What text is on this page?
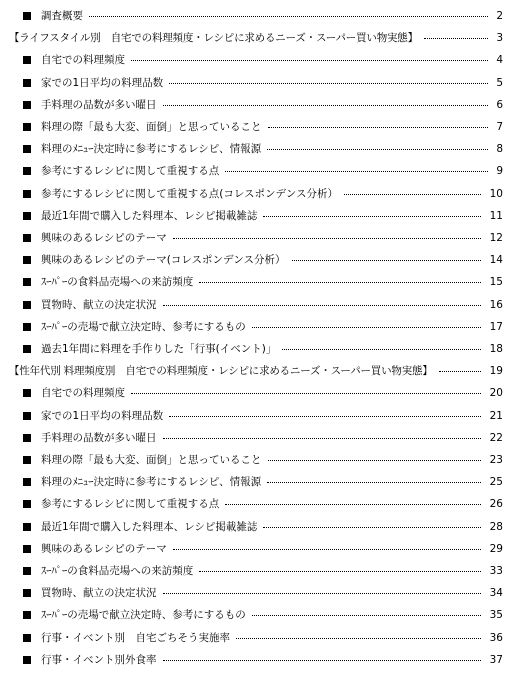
調査概要	2
【ライフスタイル別　自宅での料理頻度・レシピに求めるニーズ・スーパー買い物実態】	3
自宅での料理頻度	4
家での1日平均の料理品数	5
手料理の品数が多い曜日	6
料理の際「最も大変、面倒」と思っていること	7
料理のﾒﾆｭｰ決定時に参考にするレシピ、情報源	8
参考にするレシピに関して重視する点	9
参考にするレシピに関して重視する点(コレスポンデンス分析）	10
最近1年間で購入した料理本、レシピ掲載雑誌	11
興味のあるレシピのテーマ	12
興味のあるレシピのテーマ(コレスポンデンス分析）	14
ｽｰﾊﾟｰの食料品売場への来訪頻度	15
買物時、献立の決定状況	16
ｽｰﾊﾟｰの売場で献立決定時、参考にするもの	17
過去1年間に料理を手作りした「行事(イベント)」	18
【性年代別 料理頻度別　自宅での料理頻度・レシピに求めるニーズ・スーパー買い物実態】	19
自宅での料理頻度	20
家での1日平均の料理品数	21
手料理の品数が多い曜日	22
料理の際「最も大変、面倒」と思っていること	23
料理のﾒﾆｭｰ決定時に参考にするレシピ、情報源	25
参考にするレシピに関して重視する点	26
最近1年間で購入した料理本、レシピ掲載雑誌	28
興味のあるレシピのテーマ	29
ｽｰﾊﾟｰの食料品売場への来訪頻度	33
買物時、献立の決定状況	34
ｽｰﾊﾟｰの売場で献立決定時、参考にするもの	35
行事・イベント別　自宅ごちそう実施率	36
行事・イベント別外食率	37
